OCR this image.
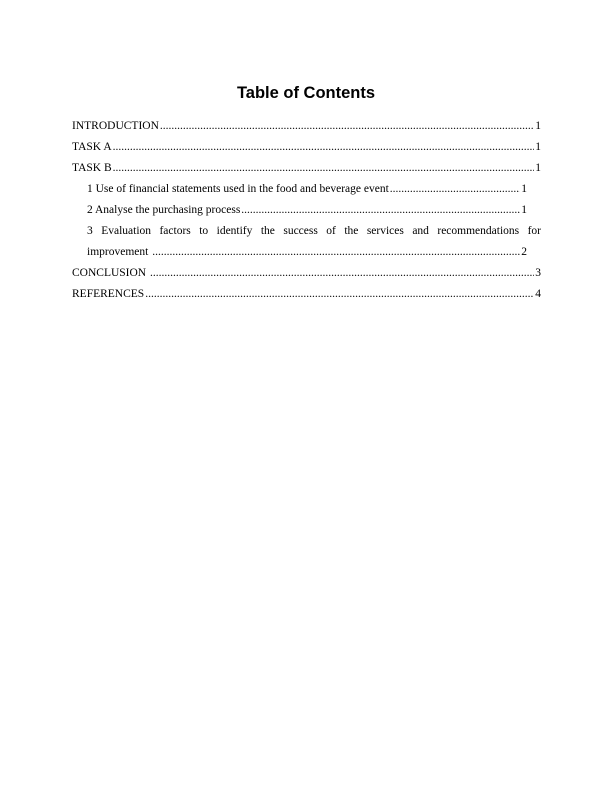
Table of Contents
INTRODUCTION .....	1
TASK A .....	1
TASK B .....	1
1 Use of financial statements used in the food and beverage event .....	1
2 Analyse the purchasing process .....	1
3 Evaluation factors to identify the success of the services and recommendations for
improvement .....	2
CONCLUSION .....	3
REFERENCES .....	4
